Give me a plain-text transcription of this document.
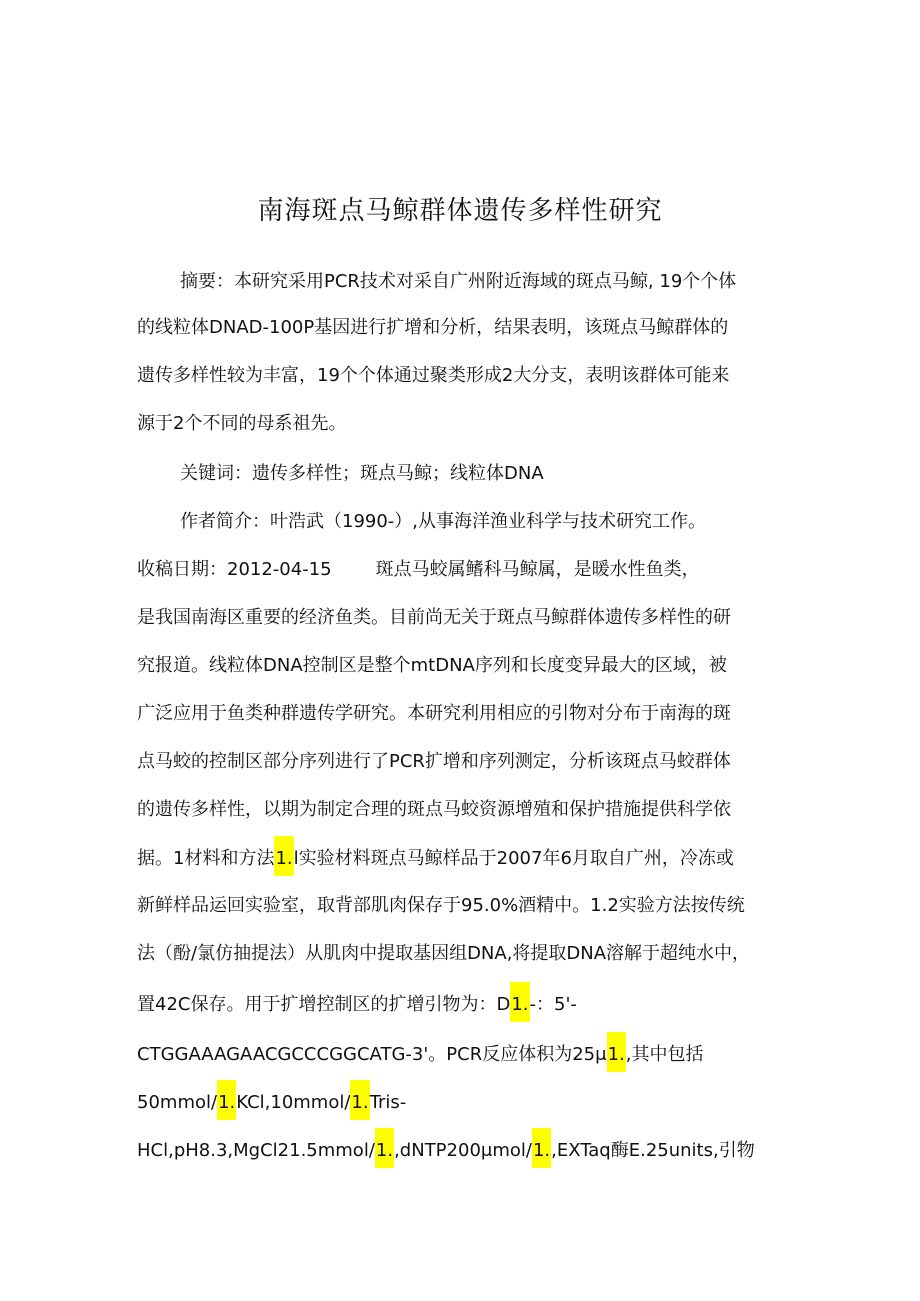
南海斑点马鲸群体遗传多样性研究
摘要：本研究采用PCR技术对采自广州附近海域的斑点马鲸, 19个个体
的线粒体DNAD-100P基因进行扩增和分析，结果表明，该斑点马鲸群体的
遗传多样性较为丰富，19个个体通过聚类形成2大分支，表明该群体可能来
源于2个不同的母系祖先。
关键词：遗传多样性；斑点马鲸；线粒体DNA
作者简介：叶浩武（1990-）,从事海洋渔业科学与技术研究工作。
收稿日期：2012-04-15 斑点马蛟属鳍科马鲸属，是暖水性鱼类，
是我国南海区重要的经济鱼类。目前尚无关于斑点马鲸群体遗传多样性的研
究报道。线粒体DNA控制区是整个mtDNA序列和长度变异最大的区域，被
广泛应用于鱼类种群遗传学研究。本研究利用相应的引物对分布于南海的斑
点马蛟的控制区部分序列进行了PCR扩增和序列测定，分析该斑点马蛟群体
的遗传多样性，以期为制定合理的斑点马蛟资源增殖和保护措施提供科学依
据。1材料和方法1.l实验材料斑点马鲸样品于2007年6月取自广州，冷冻或
新鲜样品运回实验室，取背部肌肉保存于95.0%酒精中。1.2实验方法按传统
法（酚/氯仿抽提法）从肌肉中提取基因组DNA,将提取DNA溶解于超纯水中，
置42C保存。用于扩增控制区的扩增引物为：D1.-：5'-
CTGGAAAGAACGCCCGGCATG-3'。PCR反应体积为25μ1.,其中包括
50mmol/1.KCl,10mmol/1.Tris-
HCl,pH8.3,MgCl21.5mmol/1.,dNTP200μmol/1.,EXTaq酶E.25units,引物
